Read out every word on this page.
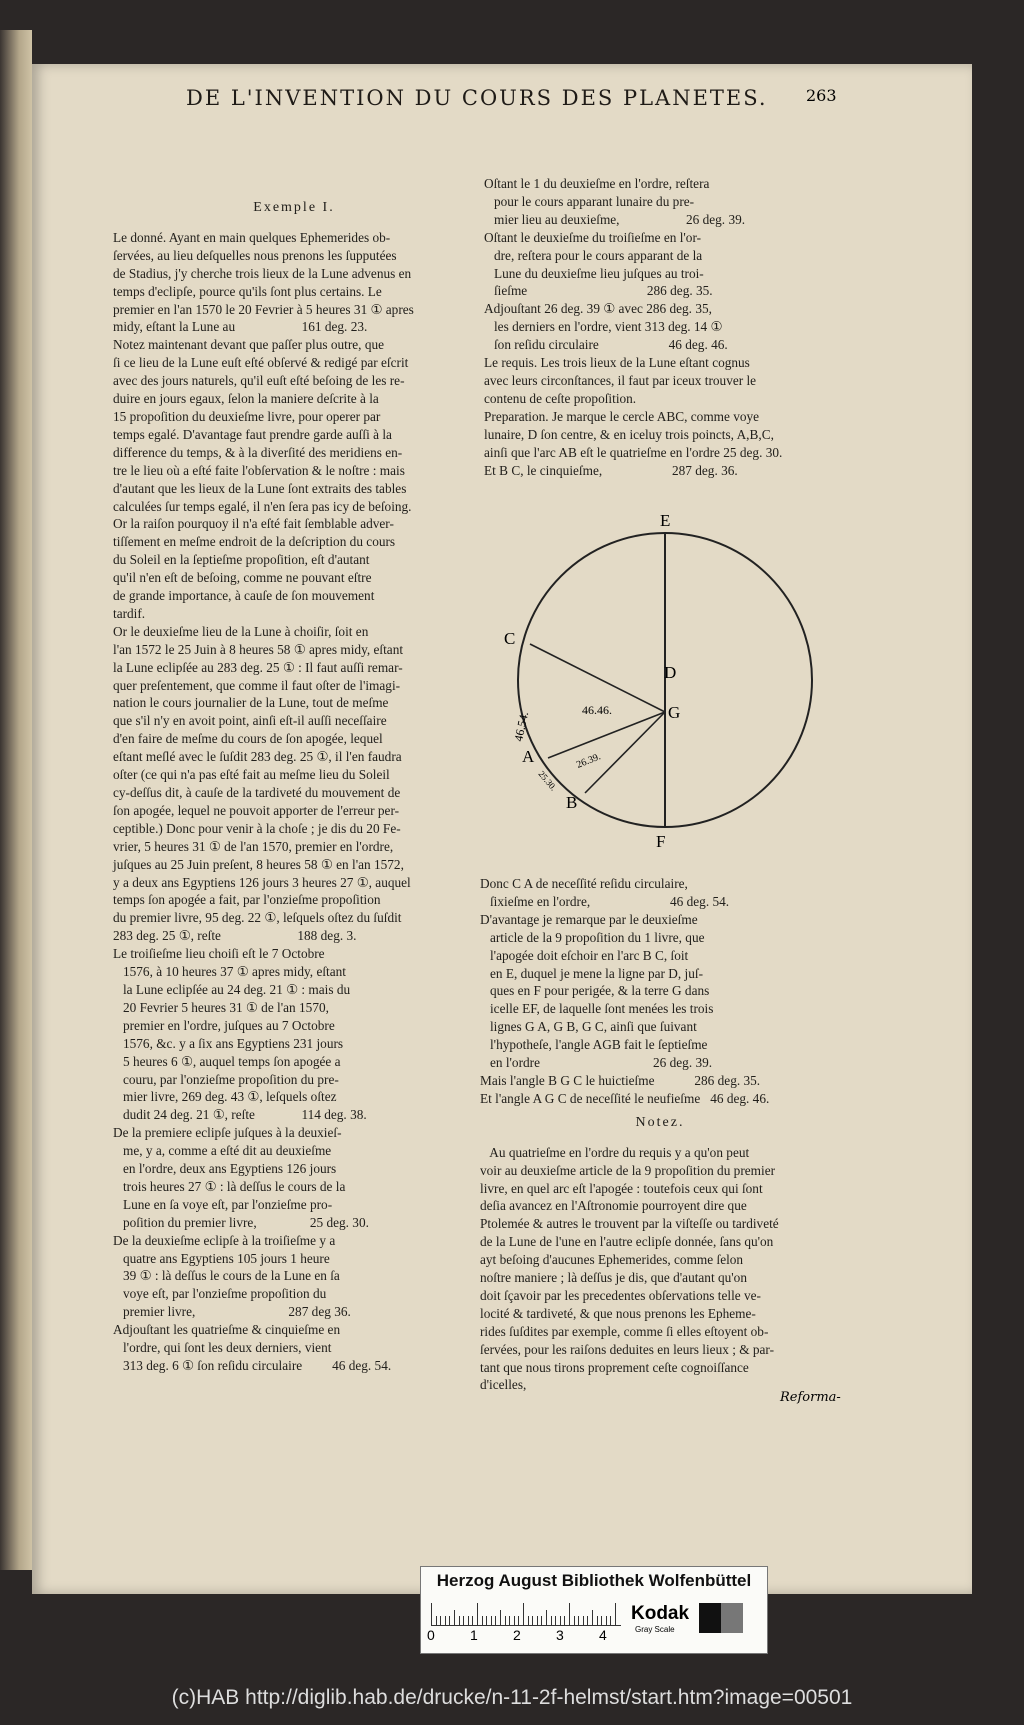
DE L'INVENTION DU COURS DES PLANETES.	263

Exemple I.

Le donné. Ayant en main quelques Ephemerides ob-

ſervées, au lieu deſquelles nous prenons les ſupputées

de Stadius, j'y cherche trois lieux de la Lune advenus en

temps d'eclipſe, pource qu'ils ſont plus certains. Le

premier en l'an 1570 le 20 Fevrier à 5 heures 31 ① apres

midy, eſtant la Lune au                    161 deg. 23.

Notez maintenant devant que paſſer plus outre, que

ſi ce lieu de la Lune euſt eſté obſervé & redigé par eſcrit

avec des jours naturels, qu'il euſt eſté beſoing de les re-

duire en jours egaux, ſelon la maniere deſcrite à la

15 propoſition du deuxieſme livre, pour operer par

temps egalé. D'avantage faut prendre garde auſſi à la

difference du temps, & à la diverſité des meridiens en-

tre le lieu où a eſté faite l'obſervation & le noſtre : mais

d'autant que les lieux de la Lune ſont extraits des tables

calculées ſur temps egalé, il n'en ſera pas icy de beſoing.

Or la raiſon pourquoy il n'a eſté fait ſemblable adver-

tiſſement en meſme endroit de la deſcription du cours

du Soleil en la ſeptieſme propoſition, eſt d'autant

qu'il n'en eſt de beſoing, comme ne pouvant eſtre

de grande importance, à cauſe de ſon mouvement

tardif.

Or le deuxieſme lieu de la Lune à choiſir, ſoit en

l'an 1572 le 25 Juin à 8 heures 58 ① apres midy, eſtant

la Lune eclipſée au 283 deg. 25 ① : Il faut auſſi remar-

quer preſentement, que comme il faut oſter de l'imagi-

nation le cours journalier de la Lune, tout de meſme

que s'il n'y en avoit point, ainſi eſt-il auſſi neceſſaire

d'en faire de meſme du cours de ſon apogée, lequel

eſtant meſlé avec le ſuſdit 283 deg. 25 ①, il l'en faudra

oſter (ce qui n'a pas eſté fait au meſme lieu du Soleil

cy-deſſus dit, à cauſe de la tardiveté du mouvement de

ſon apogée, lequel ne pouvoit apporter de l'erreur per-

ceptible.) Donc pour venir à la choſe ; je dis du 20 Fe-

vrier, 5 heures 31 ① de l'an 1570, premier en l'ordre,

juſques au 25 Juin preſent, 8 heures 58 ① en l'an 1572,

y a deux ans Egyptiens 126 jours 3 heures 27 ①, auquel

temps ſon apogée a fait, par l'onzieſme propoſition

du premier livre, 95 deg. 22 ①, leſquels oſtez du ſuſdit

283 deg. 25 ①, reſte                       188 deg. 3.

Le troiſieſme lieu choiſi eſt le 7 Octobre

1576, à 10 heures 37 ① apres midy, eſtant

la Lune eclipſée au 24 deg. 21 ① : mais du

20 Fevrier 5 heures 31 ① de l'an 1570,

premier en l'ordre, juſques au 7 Octobre

1576, &c. y a ſix ans Egyptiens 231 jours

5 heures 6 ①, auquel temps ſon apogée a

couru, par l'onzieſme propoſition du pre-

mier livre, 269 deg. 43 ①, leſquels oſtez

dudit 24 deg. 21 ①, reſte              114 deg. 38.

De la premiere eclipſe juſques à la deuxieſ-

me, y a, comme a eſté dit au deuxieſme

en l'ordre, deux ans Egyptiens 126 jours

trois heures 27 ① : là deſſus le cours de la

Lune en ſa voye eſt, par l'onzieſme pro-

poſition du premier livre,                25 deg. 30.

De la deuxieſme eclipſe à la troiſieſme y a

quatre ans Egyptiens 105 jours 1 heure

39 ① : là deſſus le cours de la Lune en ſa

voye eſt, par l'onzieſme propoſition du

premier livre,                            287 deg 36.

Adjouſtant les quatrieſme & cinquieſme en

l'ordre, qui ſont les deux derniers, vient

313 deg. 6 ① ſon reſidu circulaire         46 deg. 54.

Oſtant le 1 du deuxieſme en l'ordre, reſtera

pour le cours apparant lunaire du pre-

mier lieu au deuxieſme,                    26 deg. 39.

Oſtant le deuxieſme du troiſieſme en l'or-

dre, reſtera pour le cours apparant de la

Lune du deuxieſme lieu juſques au troi-

ſieſme                                    286 deg. 35.

Adjouſtant 26 deg. 39 ① avec 286 deg. 35,

les derniers en l'ordre, vient 313 deg. 14 ①

ſon reſidu circulaire                     46 deg. 46.

Le requis. Les trois lieux de la Lune eſtant cognus

avec leurs circonſtances, il faut par iceux trouver le

contenu de ceſte propoſition.

Preparation. Je marque le cercle ABC, comme voye

lunaire, D ſon centre, & en iceluy trois poincts, A,B,C,

ainſi que l'arc AB eſt le quatrieſme en l'ordre 25 deg. 30.

Et B C, le cinquieſme,                     287 deg. 36.

E
F
C
D
G
A
B
46.46.
26.39.
46.54.
25.30.

Donc C A de neceſſité reſidu circulaire,

ſixieſme en l'ordre,                        46 deg. 54.

D'avantage je remarque par le deuxieſme

article de la 9 propoſition du 1 livre, que

l'apogée doit eſchoir en l'arc B C, ſoit

en E, duquel je mene la ligne par D, juſ-

ques en F pour perigée, & la terre G dans

icelle EF, de laquelle ſont menées les trois

lignes G A, G B, G C, ainſi que ſuivant

l'hypotheſe, l'angle AGB fait le ſeptieſme

en l'ordre                                  26 deg. 39.

Mais l'angle B G C le huictieſme            286 deg. 35.

Et l'angle A G C de neceſſité le neufieſme   46 deg. 46.

Notez.

Au quatrieſme en l'ordre du requis y a qu'on peut

voir au deuxieſme article de la 9 propoſition du premier

livre, en quel arc eſt l'apogée : toutefois ceux qui ſont

deſia avancez en l'Aſtronomie pourroyent dire que

Ptolemée & autres le trouvent par la viſteſſe ou tardiveté

de la Lune de l'une en l'autre eclipſe donnée, ſans qu'on

ayt beſoing d'aucunes Ephemerides, comme ſelon

noſtre maniere ; là deſſus je dis, que d'autant qu'on

doit ſçavoir par les precedentes obſervations telle ve-

locité & tardiveté, & que nous prenons les Epheme-

rides ſuſdites par exemple, comme ſi elles eſtoyent ob-

ſervées, pour les raiſons deduites en leurs lieux ; & par-

tant que nous tirons proprement ceſte cognoiſſance

d'icelles,

Reforma-
Herzog August Bibliothek Wolfenbüttel
0	1	2	3	4
Kodak
Gray Scale
(c)HAB http://diglib.hab.de/drucke/n-11-2f-helmst/start.htm?image=00501
